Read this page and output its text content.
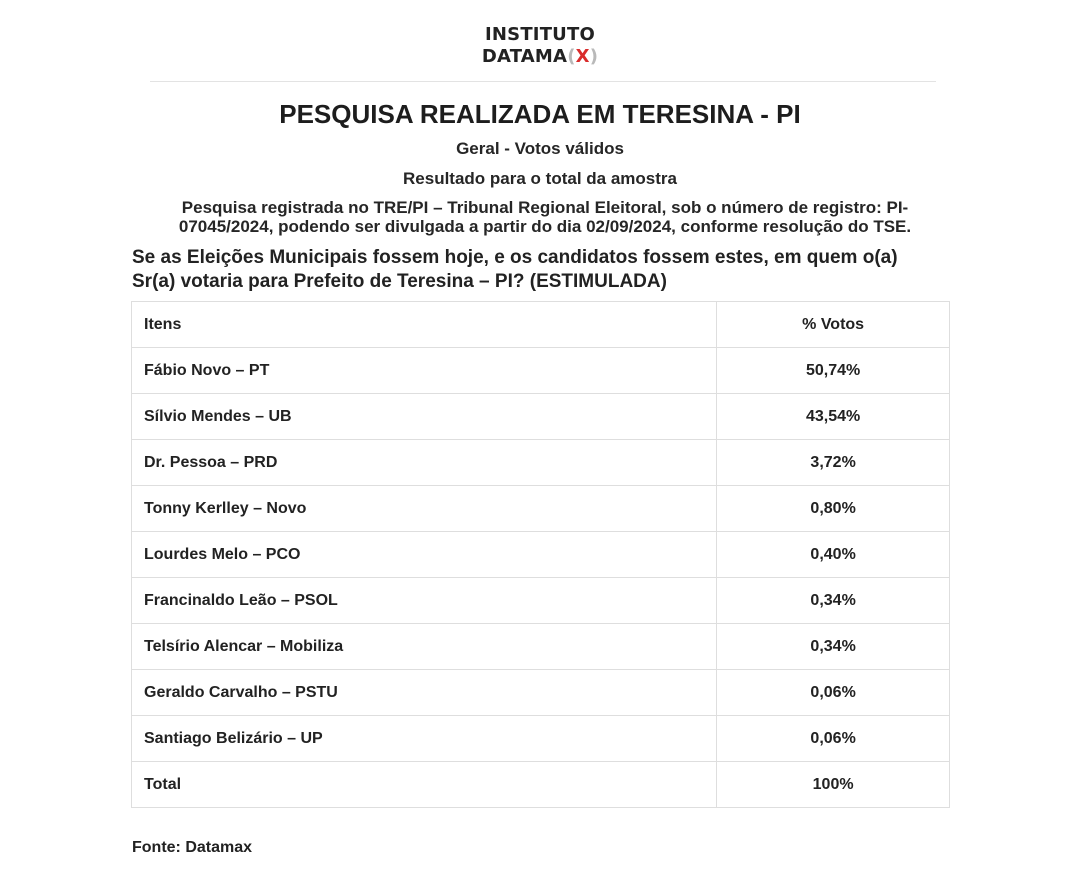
INSTITUTO
DATAMA(X)
PESQUISA REALIZADA EM TERESINA - PI
Geral - Votos válidos
Resultado para o total da amostra
Pesquisa registrada no TRE/PI – Tribunal Regional Eleitoral, sob o número de registro: PI-
07045/2024, podendo ser divulgada a partir do dia 02/09/2024, conforme resolução do TSE.
Se as Eleições Municipais fossem hoje, e os candidatos fossem estes, em quem o(a)
Sr(a) votaria para Prefeito de Teresina – PI? (ESTIMULADA)
Itens	% Votos
Fábio Novo – PT	50,74%
Sílvio Mendes – UB	43,54%
Dr. Pessoa – PRD	3,72%
Tonny Kerlley – Novo	0,80%
Lourdes Melo – PCO	0,40%
Francinaldo Leão – PSOL	0,34%
Telsírio Alencar – Mobiliza	0,34%
Geraldo Carvalho – PSTU	0,06%
Santiago Belizário – UP	0,06%
Total	100%
Fonte: Datamax
